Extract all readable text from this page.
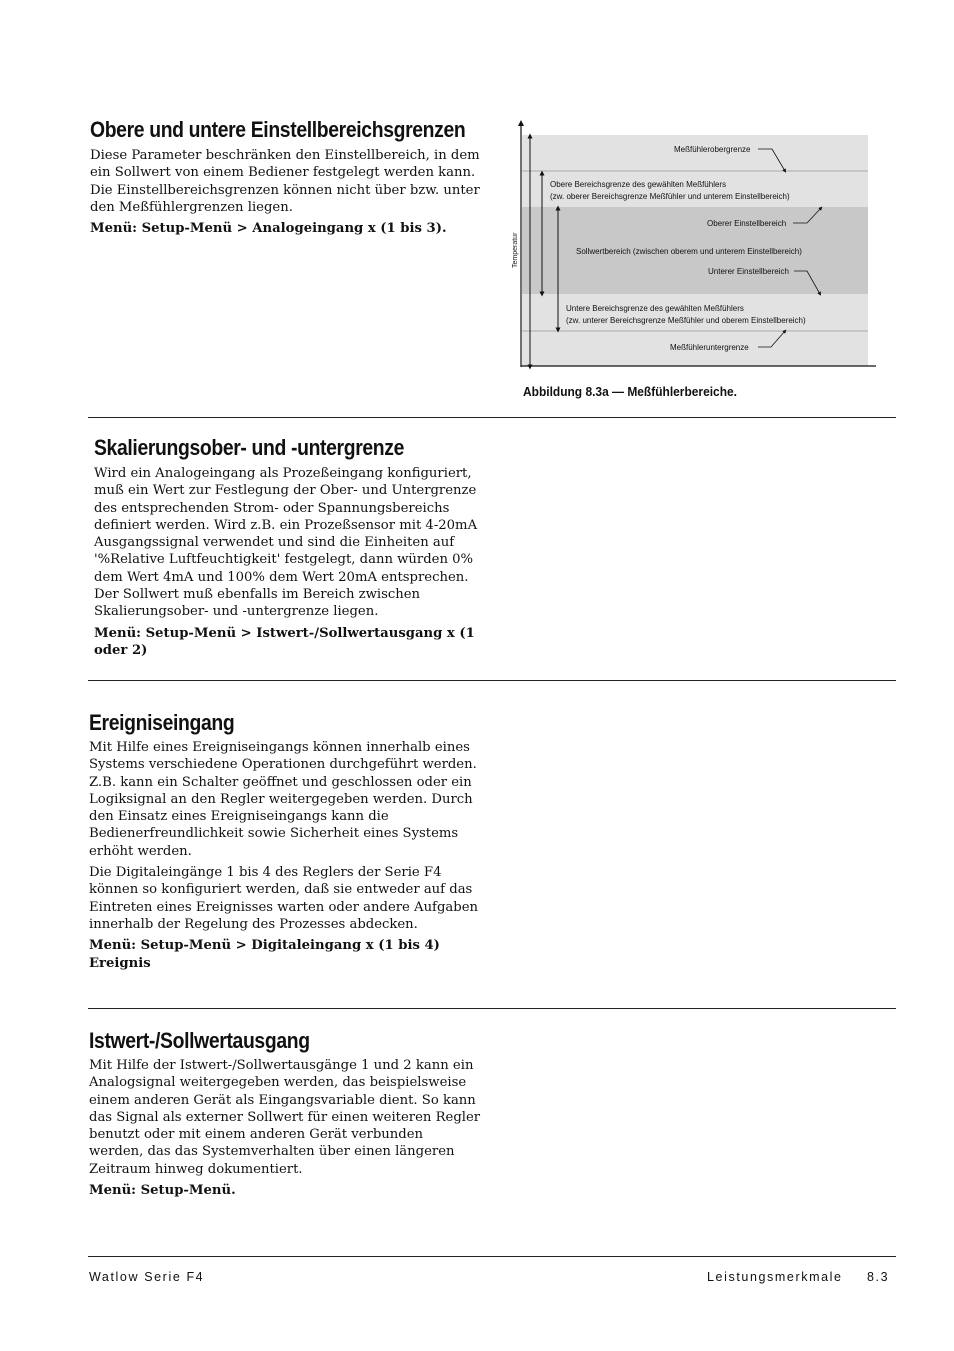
Obere und untere Einstellbereichsgrenzen

Diese Parameter beschränken den Einstellbereich, in dem ein Sollwert von einem Bediener festgelegt werden kann. Die Einstellbereichsgrenzen können nicht über bzw. unter den Meßfühlergrenzen liegen.

Menü: Setup-Menü > Analogeingang x (1 bis 3).

Temperatur
Meßfühlerobergrenze
Obere Bereichsgrenze des gewählten Meßfühlers
(zw. oberer Bereichsgrenze Meßfühler und unterem Einstellbereich)
Oberer Einstellbereich
Sollwertbereich (zwischen oberem und unterem Einstellbereich)
Unterer Einstellbereich
Untere Bereichsgrenze des gewählten Meßfühlers
(zw. unterer Bereichsgrenze Meßfühler und oberem Einstellbereich)
Meßfühleruntergrenze
Abbildung 8.3a — Meßfühlerbereiche.
Skalierungsober- und -untergrenze

Wird ein Analogeingang als Prozeßeingang konfiguriert, muß ein Wert zur Festlegung der Ober- und Untergrenze des entsprechenden Strom- oder Spannungsbereichs definiert werden. Wird z.B. ein Prozeßsensor mit 4-20mA Ausgangssignal verwendet und sind die Einheiten auf '%Relative Luftfeuchtigkeit' festgelegt, dann würden 0% dem Wert 4mA und 100% dem Wert 20mA entsprechen. Der Sollwert muß ebenfalls im Bereich zwischen Skalierungsober- und -untergrenze liegen.

Menü: Setup-Menü > Istwert-/Sollwertausgang x (1 oder 2)

Ereigniseingang

Mit Hilfe eines Ereigniseingangs können innerhalb eines Systems verschiedene Operationen durchgeführt werden. Z.B. kann ein Schalter geöffnet und geschlossen oder ein Logiksignal an den Regler weitergegeben werden. Durch den Einsatz eines Ereigniseingangs kann die Bedienerfreundlichkeit sowie Sicherheit eines Systems erhöht werden.

Die Digitaleingänge 1 bis 4 des Reglers der Serie F4 können so konfiguriert werden, daß sie entweder auf das Eintreten eines Ereignisses warten oder andere Aufgaben innerhalb der Regelung des Prozesses abdecken.

Menü: Setup-Menü > Digitaleingang x (1 bis 4) Ereignis

Istwert-/Sollwertausgang

Mit Hilfe der Istwert-/Sollwertausgänge 1 und 2 kann ein Analogsignal weitergegeben werden, das beispielsweise einem anderen Gerät als Eingangsvariable dient. So kann das Signal als externer Sollwert für einen weiteren Regler benutzt oder mit einem anderen Gerät verbunden werden, das das Systemverhalten über einen längeren Zeitraum hinweg dokumentiert.

Menü: Setup-Menü.

Watlow Serie F4	Leistungsmerkmale 8.3
